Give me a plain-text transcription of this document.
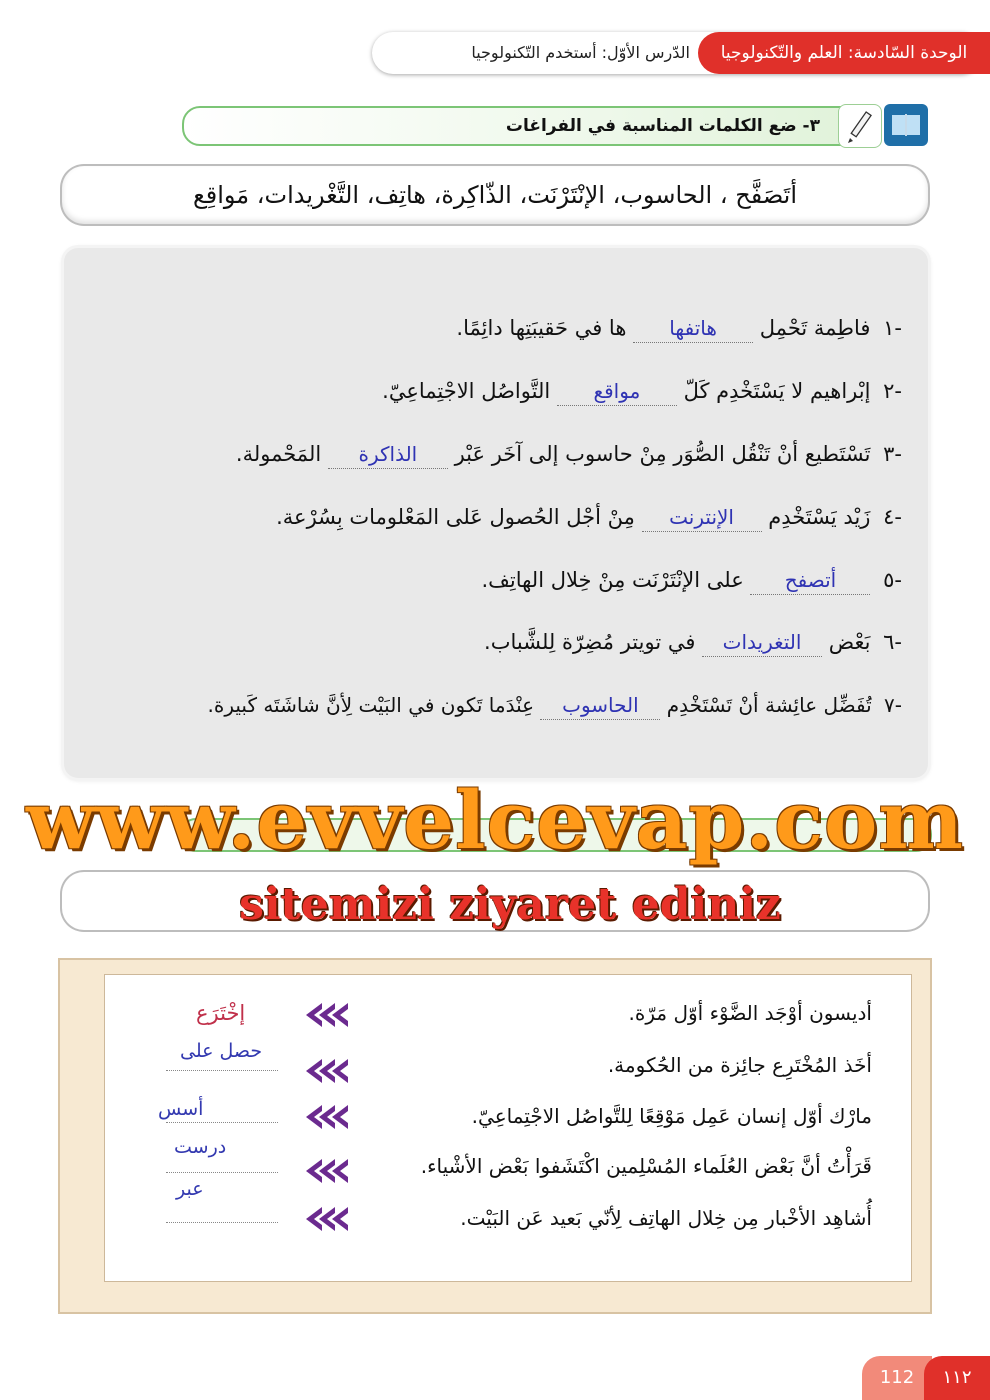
الدّرس الأوّل: أستخدم التّكنولوجيا	الوحدة السّادسة: العلم والتّكنولوجيا
٣- ضع الكلمات المناسبة في الفراغات
أتَصَفَّح ، الحاسوب، الإنْتَرْنَت، الذّاكِرة، هاتِف، التَّغْريدات، مَواقِع
-١ فاطِمة تَحْمِل هاتفها ها في حَقيبَتِها دائِمًا.
-٢ إبْراهيم لا يَسْتَخْدِم كَلّ مواقع التَّواصُل الاجْتِماعِيّ.
-٣ تَسْتَطيع أنْ تَنْقُل الصُّوَر مِنْ حاسوب إلى آخَر عَبْر الذاكرة المَحْمولة.
-٤ زَيْد يَسْتَخْدِم الإنترنت مِنْ أجْل الحُصول عَلى المَعْلومات بِسُرْعة.
-٥ أتصفح على الإنْتَرْنَت مِنْ خِلال الهاتِف.
-٦ بَعْض التغريدات في تويتر مُضِرّة لِلشَّباب.
-٧ تُفَضِّل عائِشة أنْ تَسْتَخْدِم الحاسوب عِنْدَما تَكون في البَيْت لِأنَّ شاشَتَه كَبيرة.
www.evvelcevap.com
sitemizi ziyaret ediniz
أديسون أوْجَد الضَّوْء أوّل مَرّة.
أخَذ المُخْتَرِع جائِزة من الحُكومة.
مارْك أوّل إنسان عَمِل مَوْقِعًا لِلتَّواصُل الاجْتِماعِيّ.
قَرَأْتُ أنَّ بَعْض العُلَماء المُسْلِمين اكْتَشَفوا بَعْض الأشْياء.
أُشاهِد الأخْبار مِن خِلال الهاتِف لِأنّي بَعيد عَن البَيْت.
إخْتَرَع
حصل على
أسس
درست
عبر
112	١١٢
